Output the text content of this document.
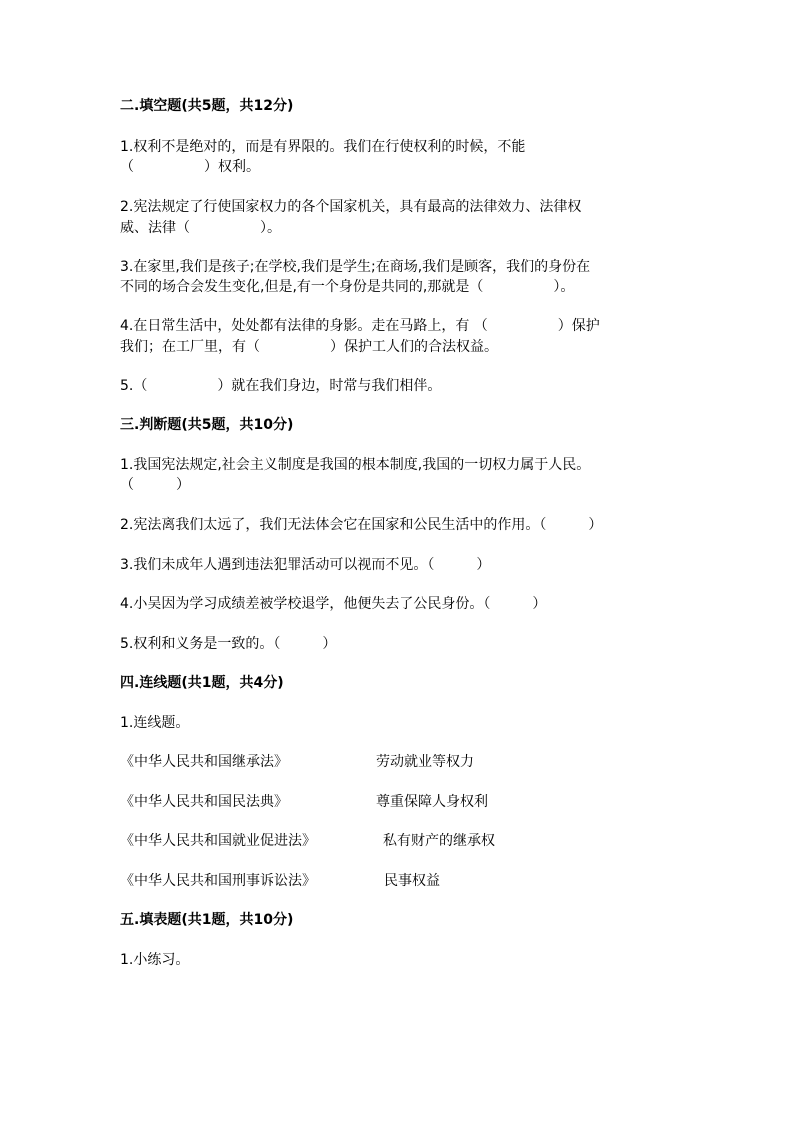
二.填空题(共5题，共12分)
1.权利不是绝对的，而是有界限的。我们在行使权利的时候，不能
（　　　　　）权利。
2.宪法规定了行使国家权力的各个国家机关，具有最高的法律效力、法律权
威、法律（　　　　　）。
3.在家里,我们是孩子;在学校,我们是学生;在商场,我们是顾客，我们的身份在
不同的场合会发生变化,但是,有一个身份是共同的,那就是（　　　　　）。
4.在日常生活中，处处都有法律的身影。走在马路上，有 （　　　　　）保护
我们；在工厂里，有（　　　　　）保护工人们的合法权益。
5.（　　　　　）就在我们身边，时常与我们相伴。
三.判断题(共5题，共10分)
1.我国宪法规定,社会主义制度是我国的根本制度,我国的一切权力属于人民。
（　　　）
2.宪法离我们太远了，我们无法体会它在国家和公民生活中的作用。（　　　）
3.我们未成年人遇到违法犯罪活动可以视而不见。（　　　）
4.小吴因为学习成绩差被学校退学，他便失去了公民身份。（　　　）
5.权利和义务是一致的。（　　　）
四.连线题(共1题，共4分)
1.连线题。
《中华人民共和国继承法》	劳动就业等权力
《中华人民共和国民法典》	尊重保障人身权利
《中华人民共和国就业促进法》	私有财产的继承权
《中华人民共和国刑事诉讼法》	民事权益
五.填表题(共1题，共10分)
1.小练习。
